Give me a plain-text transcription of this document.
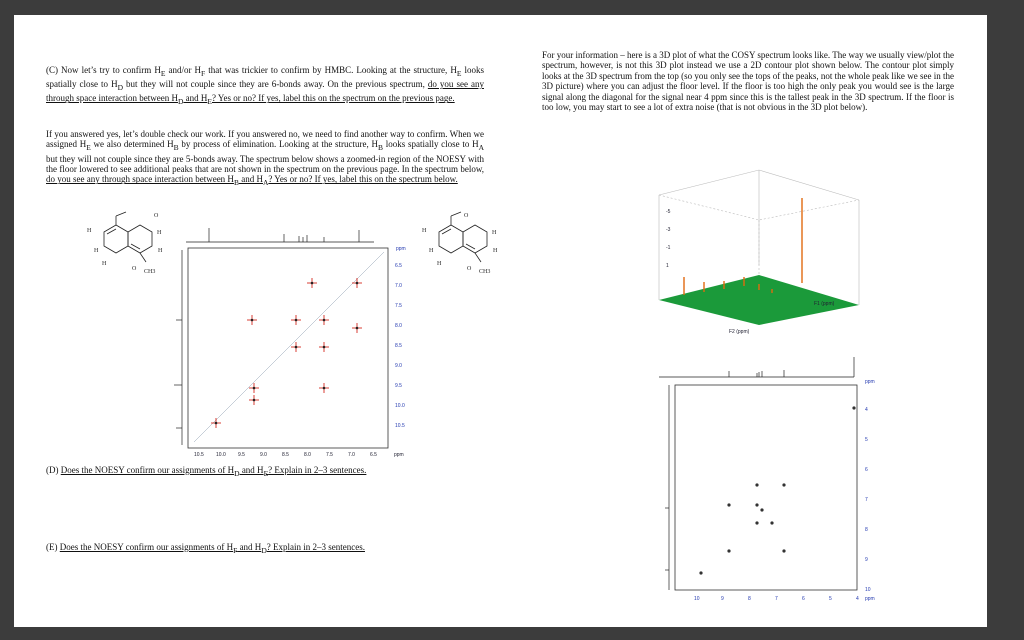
(C) Now let’s try to confirm $H_E$ and/or $H_F$ that was trickier to confirm by HMBC. Looking at the structure, $H_E$ looks spatially close to $H_D$ but they will not couple since they are 6-bonds away. On the previous spectrum, do you see any through space interaction between $H_D$ and $H_E$? Yes or no? If yes, label this on the spectrum on the previous page.
If you answered yes, let’s double check our work. If you answered no, we need to find another way to confirm. When we assigned $H_E$ we also determined $H_B$ by process of elimination. Looking at the structure, $H_B$ looks spatially close to $H_A$ but they will not couple since they are 5-bonds away. The spectrum below shows a zoomed-in region of the NOESY with the floor lowered to see additional peaks that are not shown in the spectrum on the previous page. In the spectrum below, do you see any through space interaction between $H_B$ and $H_A$? Yes or no? If yes, label this on the spectrum below.
(D) Does the NOESY confirm our assignments of $H_D$ and $H_E$? Explain in 2–3 sentences.
(E) Does the NOESY confirm our assignments of $H_F$ and $H_D$? Explain in 2–3 sentences.
For your information – here is a 3D plot of what the COSY spectrum looks like. The way we usually view/plot the spectrum, however, is not this 3D plot instead we use a 2D contour plot shown below. The contour plot simply looks at the 3D spectrum from the top (so you only see the tops of the peaks, not the whole peak like we see in the 3D picture) where you can adjust the floor level. If the floor is too high the only peak you would see is the large signal along the diagonal for the signal near 4 ppm since this is the tallest peak in the 3D spectrum. If the floor is too low, you may start to see a lot of extra noise (that is not obvious in the 3D plot below).
O
H	H
H	H
H
O CH3
O
H	H
H	H
H
O CH3
6.5
7.0
7.5
8.0
8.5
9.0
9.5
10.0
10.5
10.5 10.0 9.5	9.0	8.5	8.0	7.5	7.0	6.5
ppm
ppm
-5
-3
-1
1
F2 (ppm)
F1 (ppm)
4
5
6
7
8
9
10
10	9	8	7	6	5	4
ppm
ppm
